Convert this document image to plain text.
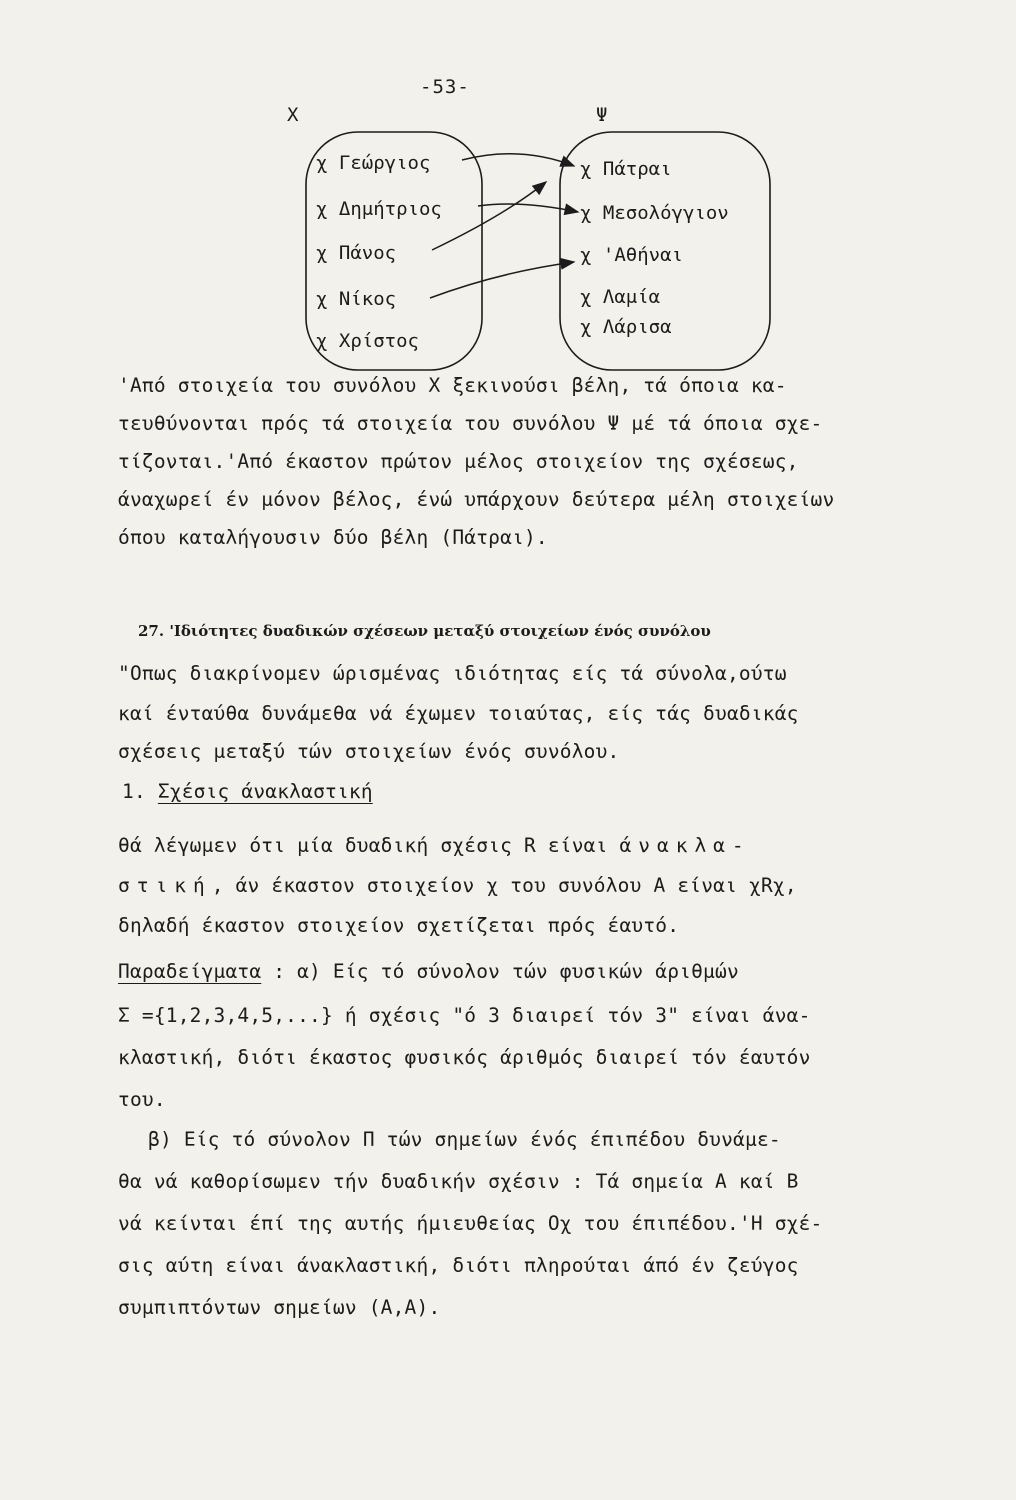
-53-
Χ	Ψ
χ Γεώργιος
χ Δημήτριος
χ Πάνος
χ Νίκος
χ Χρίστος
χ Πάτραι
χ Μεσολόγγιον
χ 'Αθήναι
χ Λαμία
χ Λάρισα
'Από στοιχεία του συνόλου Χ ξεκινούσι βέλη, τά όποια κα-
τευθύνονται πρός τά στοιχεία του συνόλου Ψ μέ τά όποια σχε-
τίζονται.'Από έκαστον πρώτον μέλος στοιχείον της σχέσεως,
άναχωρεί έν μόνον βέλος, ένώ υπάρχουν δεύτερα μέλη στοιχείων
όπου καταλήγουσιν δύο βέλη (Πάτραι).
27. 'Ιδιότητες δυαδικών σχέσεων μεταξύ στοιχείων ένός συνόλου
"Οπως διακρίνομεν ώρισμένας ιδιότητας είς τά σύνολα,ούτω
καί ένταύθα δυνάμεθα νά έχωμεν τοιαύτας, είς τάς δυαδικάς
σχέσεις μεταξύ τών στοιχείων ένός συνόλου.
1. Σχέσις άνακλαστική
θά λέγωμεν ότι μία δυαδική σχέσις R είναι άνακλα-
στική, άν έκαστον στοιχείον χ του συνόλου Α είναι χRχ,
δηλαδή έκαστον στοιχείον σχετίζεται πρός έαυτό.
Παραδείγματα : α) Είς τό σύνολον τών φυσικών άριθμών
Σ ={1,2,3,4,5,...} ή σχέσις "ό 3 διαιρεί τόν 3" είναι άνα-
κλαστική, διότι έκαστος φυσικός άριθμός διαιρεί τόν έαυτόν
του.
β) Είς τό σύνολον Π τών σημείων ένός έπιπέδου δυνάμε-
θα νά καθορίσωμεν τήν δυαδικήν σχέσιν : Τά σημεία Α καί Β
νά κείνται έπί της αυτής ήμιευθείας Οχ του έπιπέδου.'Η σχέ-
σις αύτη είναι άνακλαστική, διότι πληρούται άπό έν ζεύγος
συμπιπτόντων σημείων (Α,Α).
